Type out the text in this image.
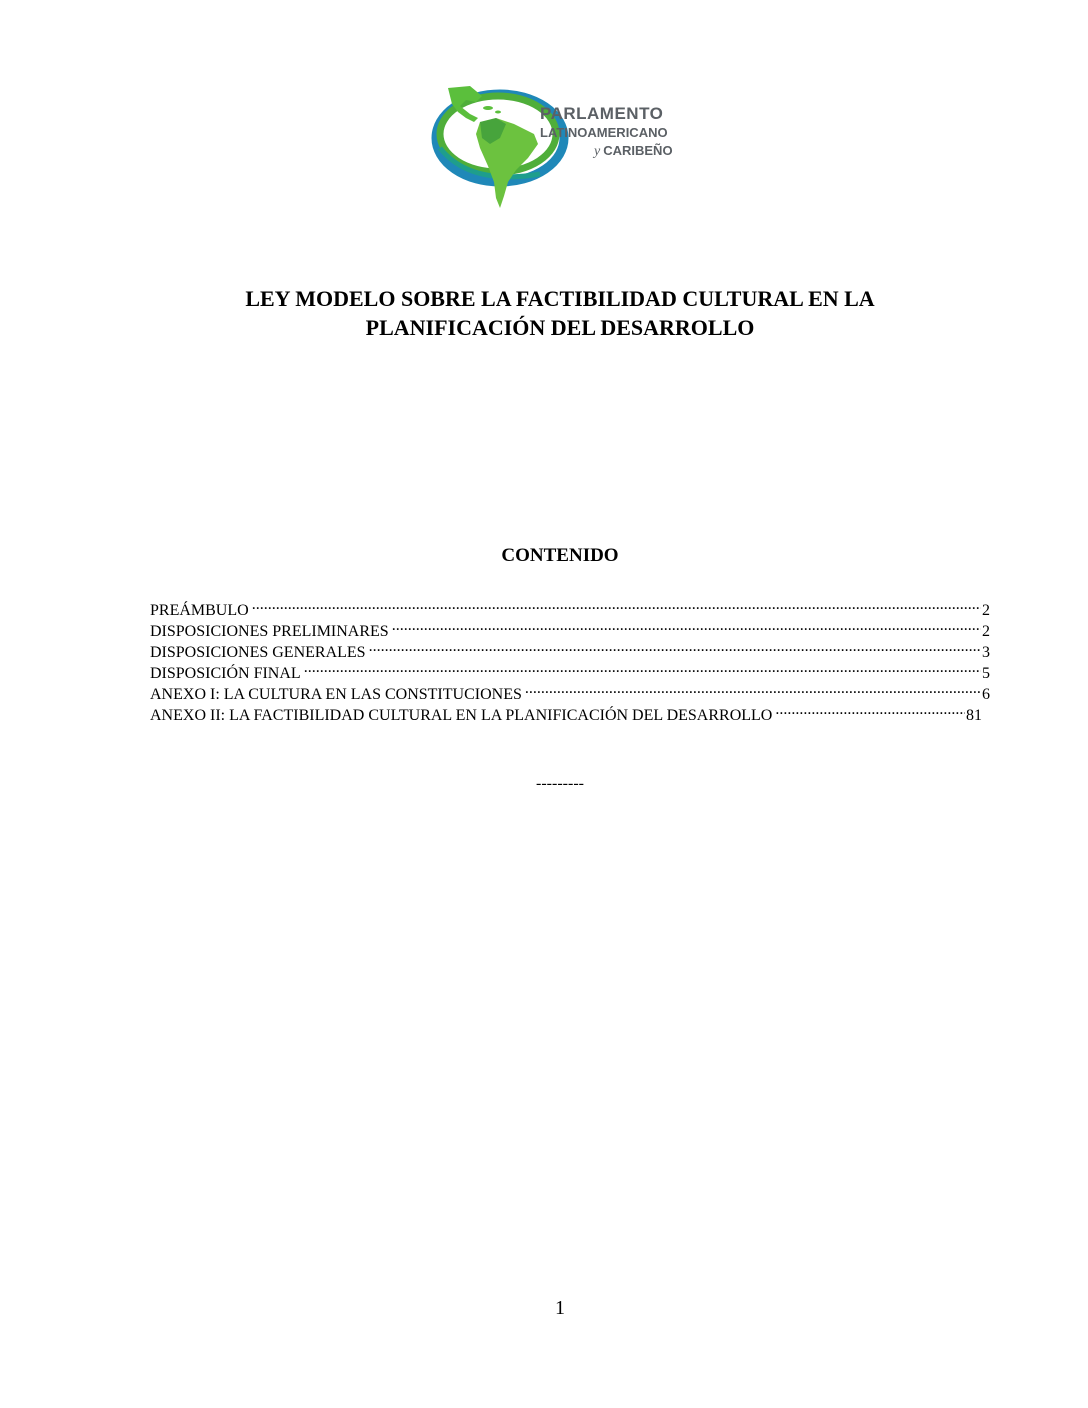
PARLAMENTO
LATINOAMERICANO
y CARIBEÑO
LEY MODELO SOBRE LA FACTIBILIDAD CULTURAL EN LA
PLANIFICACIÓN DEL DESARROLLO
CONTENIDO
PREÁMBULO .....	2
DISPOSICIONES PRELIMINARES .....	2
DISPOSICIONES GENERALES .....	3
DISPOSICIÓN FINAL .....	5
ANEXO I: LA CULTURA EN LAS CONSTITUCIONES .....	6
ANEXO II: LA FACTIBILIDAD CULTURAL EN LA PLANIFICACIÓN DEL DESARROLLO .....	81
---------
1
